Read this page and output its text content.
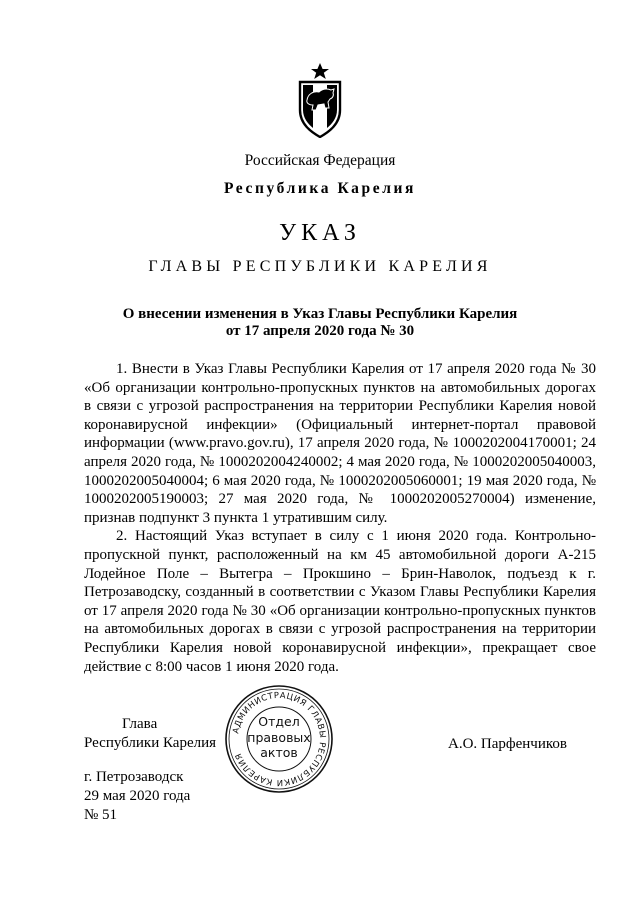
Российская Федерация
Республика Карелия
УКАЗ
ГЛАВЫ РЕСПУБЛИКИ КАРЕЛИЯ
О внесении изменения в Указ Главы Республики Карелия
от 17 апреля 2020 года № 30

1. Внести в Указ Главы Республики Карелия от 17 апреля 2020 года № 30 «Об организации контрольно-пропускных пунктов на автомобильных дорогах в связи с угрозой распространения на территории Республики Карелия новой коронавирусной инфекции» (Официальный интернет-портал правовой информации (www.pravo.gov.ru), 17 апреля 2020 года, № 1000202004170001; 24 апреля 2020 года, № 1000202004240002; 4 мая 2020 года, № 1000202005040003, 1000202005040004; 6 мая 2020 года, № 1000202005060001; 19 мая 2020 года, № 1000202005190003; 27 мая 2020 года, № 1000202005270004) изменение, признав подпункт 3 пункта 1 утратившим силу.

2. Настоящий Указ вступает в силу с 1 июня 2020 года. Контрольно-пропускной пункт, расположенный на км 45 автомобильной дороги А-215 Лодейное Поле – Вытегра – Прокшино – Брин-Наволок, подъезд к г. Петрозаводску, созданный в соответствии с Указом Главы Республики Карелия от 17 апреля 2020 года № 30 «Об организации контрольно-пропускных пунктов на автомобильных дорогах в связи с угрозой распространения на территории Республики Карелия новой коронавирусной инфекции», прекращает свое действие с 8:00 часов 1 июня 2020 года.

Глава
Республики Карелия
АДМИНИСТРАЦИЯ ГЛАВЫ РЕСПУБЛИКИ КАРЕЛИЯ
Отдел
правовых
актов
А.О. Парфенчиков
г. Петрозаводск
29 мая 2020 года
№ 51
